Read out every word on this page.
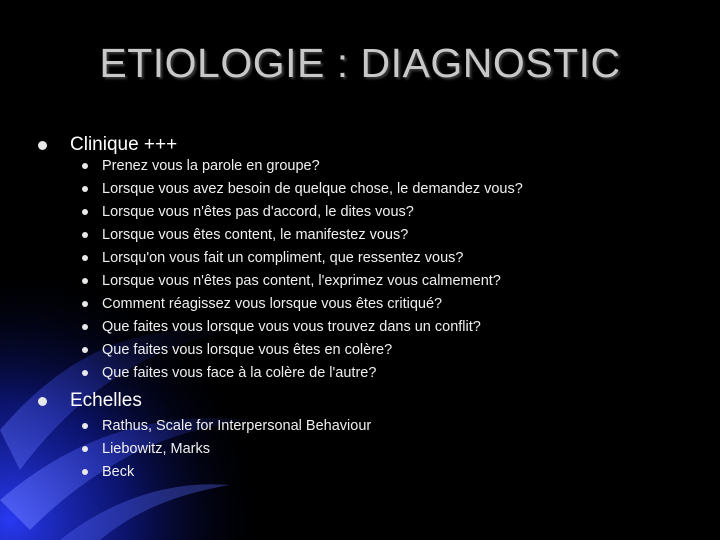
ETIOLOGIE : DIAGNOSTIC
Clinique +++
Prenez vous la parole en groupe?
Lorsque vous avez besoin de quelque chose, le demandez vous?
Lorsque vous n'êtes pas d'accord, le dites vous?
Lorsque vous êtes content, le manifestez vous?
Lorsqu'on vous fait un compliment, que ressentez vous?
Lorsque vous n'êtes pas content, l'exprimez vous calmement?
Comment réagissez vous lorsque vous êtes critiqué?
Que faites vous lorsque vous vous trouvez dans un conflit?
Que faites vous lorsque vous êtes en colère?
Que faites vous face à la colère de l'autre?
Echelles
Rathus, Scale for Interpersonal Behaviour
Liebowitz, Marks
Beck
